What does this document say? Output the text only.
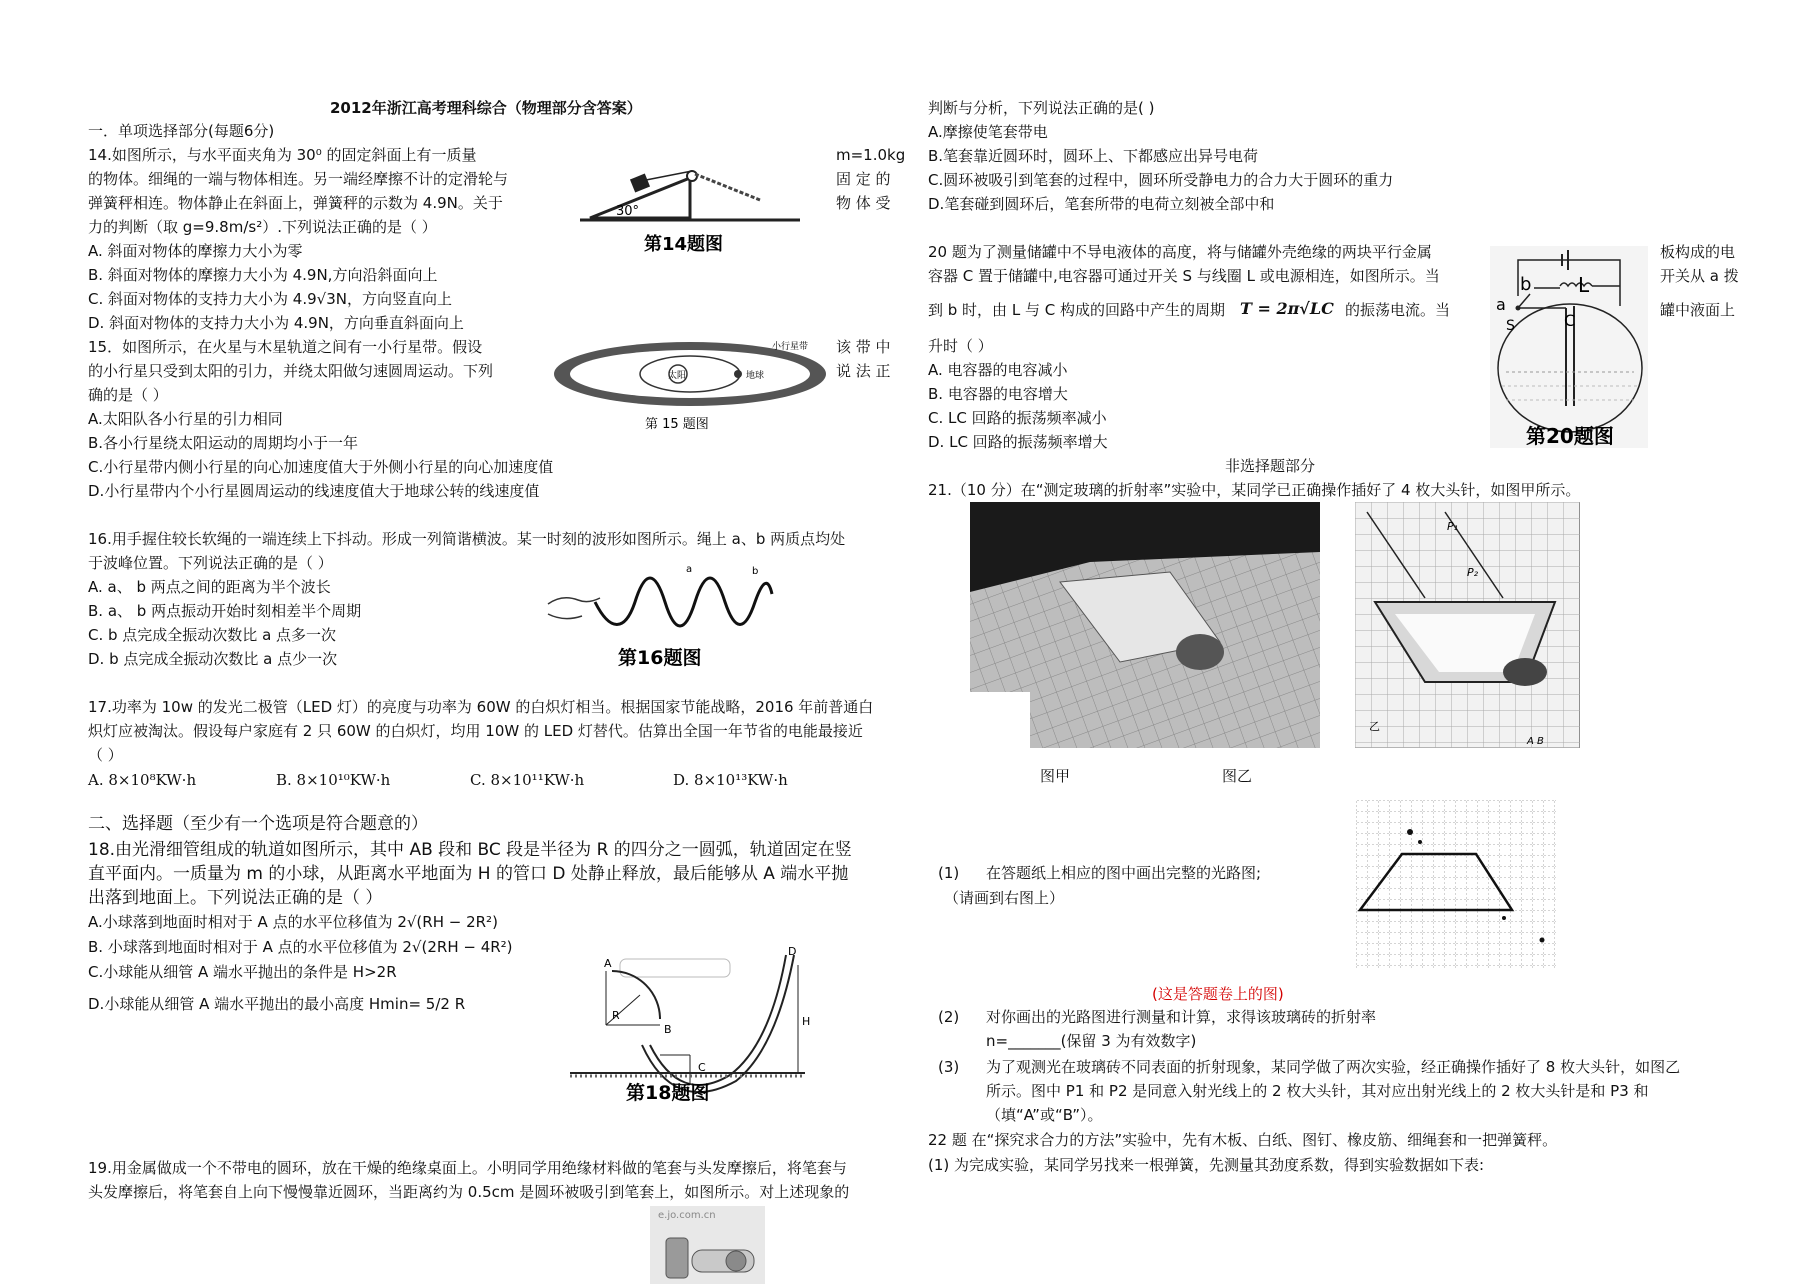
2012年浙江高考理科综合（物理部分含答案）
一．单项选择部分(每题6分)
14.如图所示，与水平面夹角为 30⁰ 的固定斜面上有一质量
的物体。细绳的一端与物体相连。另一端经摩擦不计的定滑轮与
弹簧秤相连。物体静止在斜面上，弹簧秤的示数为 4.9N。关于
力的判断（取 g=9.8m/s²）.下列说法正确的是（ ）
m=1.0kg
固 定 的
物 体 受
A. 斜面对物体的摩擦力大小为零
B. 斜面对物体的摩擦力大小为 4.9N,方向沿斜面向上
C. 斜面对物体的支持力大小为 4.9√3N，方向竖直向上
D. 斜面对物体的支持力大小为 4.9N，方向垂直斜面向上
30°
第14题图
15．如图所示，在火星与木星轨道之间有一小行星带。假设
的小行星只受到太阳的引力，并绕太阳做匀速圆周运动。下列
确的是（ ）
该 带 中
说 法 正
A.太阳队各小行星的引力相同
B.各小行星绕太阳运动的周期均小于一年
C.小行星带内侧小行星的向心加速度值大于外侧小行星的向心加速度值
D.小行星带内个小行星圆周运动的线速度值大于地球公转的线速度值
太阳	地球
小行星带
第 15 题图
16.用手握住较长软绳的一端连续上下抖动。形成一列简谐横波。某一时刻的波形如图所示。绳上 a、b 两质点均处
于波峰位置。下列说法正确的是（ ）
A. a、 b 两点之间的距离为半个波长
B. a、 b 两点振动开始时刻相差半个周期
C. b 点完成全振动次数比 a 点多一次
D. b 点完成全振动次数比 a 点少一次
a	b
第16题图
17.功率为 10w 的发光二极管（LED 灯）的亮度与功率为 60W 的白炽灯相当。根据国家节能战略，2016 年前普通白
炽灯应被淘汰。假设每户家庭有 2 只 60W 的白炽灯，均用 10W 的 LED 灯替代。估算出全国一年节省的电能最接近
（ ）
A. 8×10⁸KW·h	B. 8×10¹⁰KW·h	C. 8×10¹¹KW·h	D. 8×10¹³KW·h
二、选择题（至少有一个选项是符合题意的）
18.由光滑细管组成的轨道如图所示，其中 AB 段和 BC 段是半径为 R 的四分之一圆弧，轨道固定在竖
直平面内。一质量为 m 的小球，从距离水平地面为 H 的管口 D 处静止释放，最后能够从 A 端水平抛
出落到地面上。下列说法正确的是（ ）
A.小球落到地面时相对于 A 点的水平位移值为 2√(RH − 2R²)
B. 小球落到地面时相对于 A 点的水平位移值为 2√(2RH − 4R²)
C.小球能从细管 A 端水平抛出的条件是 H>2R
D.小球能从细管 A 端水平抛出的最小高度 Hmin= 5/2 R
A
B
C
D
R	H
第18题图
19.用金属做成一个不带电的圆环，放在干燥的绝缘桌面上。小明同学用绝缘材料做的笔套与头发摩擦后，将笔套与
头发摩擦后，将笔套自上向下慢慢靠近圆环，当距离约为 0.5cm 是圆环被吸引到笔套上，如图所示。对上述现象的
e.jo.com.cn
判断与分析，下列说法正确的是( )
A.摩擦使笔套带电
B.笔套靠近圆环时，圆环上、下都感应出异号电荷
C.圆环被吸引到笔套的过程中，圆环所受静电力的合力大于圆环的重力
D.笔套碰到圆环后，笔套所带的电荷立刻被全部中和
20 题为了测量储罐中不导电液体的高度，将与储罐外壳绝缘的两块平行金属
容器 C 置于储罐中,电容器可通过开关 S 与线圈 L 或电源相连，如图所示。当
到 b 时，由 L 与 C 构成的回路中产生的周期 T = 2π√LC 的振荡电流。当
升时（ ）
板构成的电
开关从 a 拨
罐中液面上
A. 电容器的电容减小
B. 电容器的电容增大
C. LC 回路的振荡频率减小
D. LC 回路的振荡频率增大
L
b
a
S	C
第20题图
非选择题部分
21.（10 分）在“测定玻璃的折射率”实验中，某同学已正确操作插好了 4 枚大头针，如图甲所示。
P₁
P₂
乙
A B
图甲	图乙
(1) 在答题纸上相应的图中画出完整的光路图;
（请画到右图上）
(这是答题卷上的图)
(2) 对你画出的光路图进行测量和计算，求得该玻璃砖的折射率
n=_______(保留 3 为有效数字)
(3) 为了观测光在玻璃砖不同表面的折射现象，某同学做了两次实验，经正确操作插好了 8 枚大头针，如图乙
所示。图中 P1 和 P2 是同意入射光线上的 2 枚大头针，其对应出射光线上的 2 枚大头针是和 P3 和
（填“A”或“B”）。
22 题 在“探究求合力的方法”实验中，先有木板、白纸、图钉、橡皮筋、细绳套和一把弹簧秤。
(1) 为完成实验，某同学另找来一根弹簧，先测量其劲度系数，得到实验数据如下表:
